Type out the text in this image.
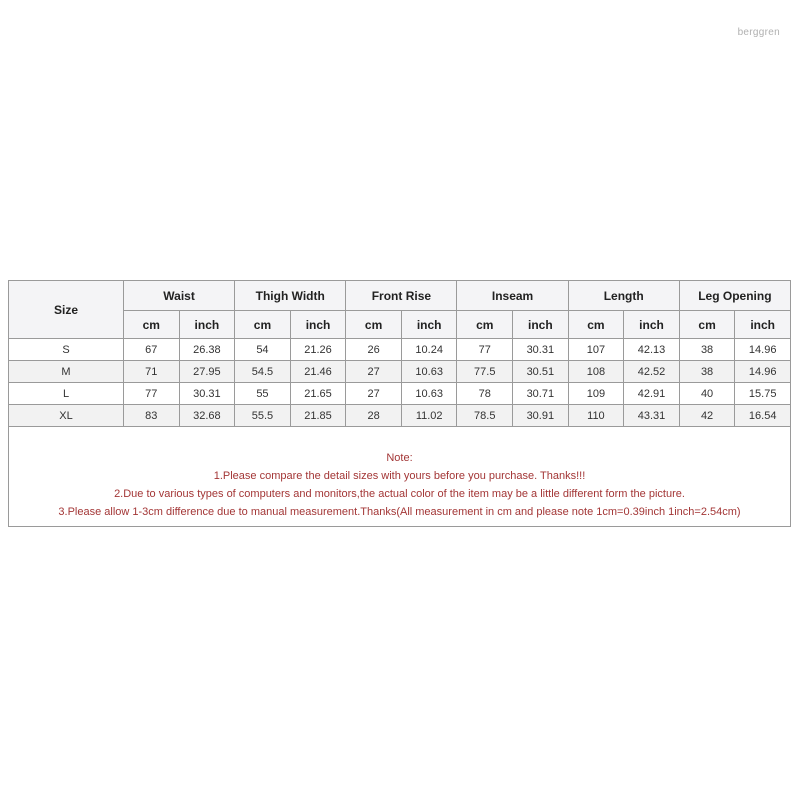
berggren
Size	Waist		Thigh Width		Front Rise		Inseam		Length		Leg Opening	
	cm	inch	cm	inch	cm	inch	cm	inch	cm	inch	cm	inch
S	67	26.38	54	21.26	26	10.24	77	30.31	107	42.13	38	14.96
M	71	27.95	54.5	21.46	27	10.63	77.5	30.51	108	42.52	38	14.96
L	77	30.31	55	21.65	27	10.63	78	30.71	109	42.91	40	15.75
XL	83	32.68	55.5	21.85	28	11.02	78.5	30.91	110	43.31	42	16.54
Note:
1.Please compare the detail sizes with yours before you purchase. Thanks!!!
2.Due to various types of computers and monitors,the actual color of the item may be a little different form the picture.
3.Please allow 1-3cm difference due to manual measurement.Thanks(All measurement in cm and please note 1cm=0.39inch 1inch=2.54cm)
